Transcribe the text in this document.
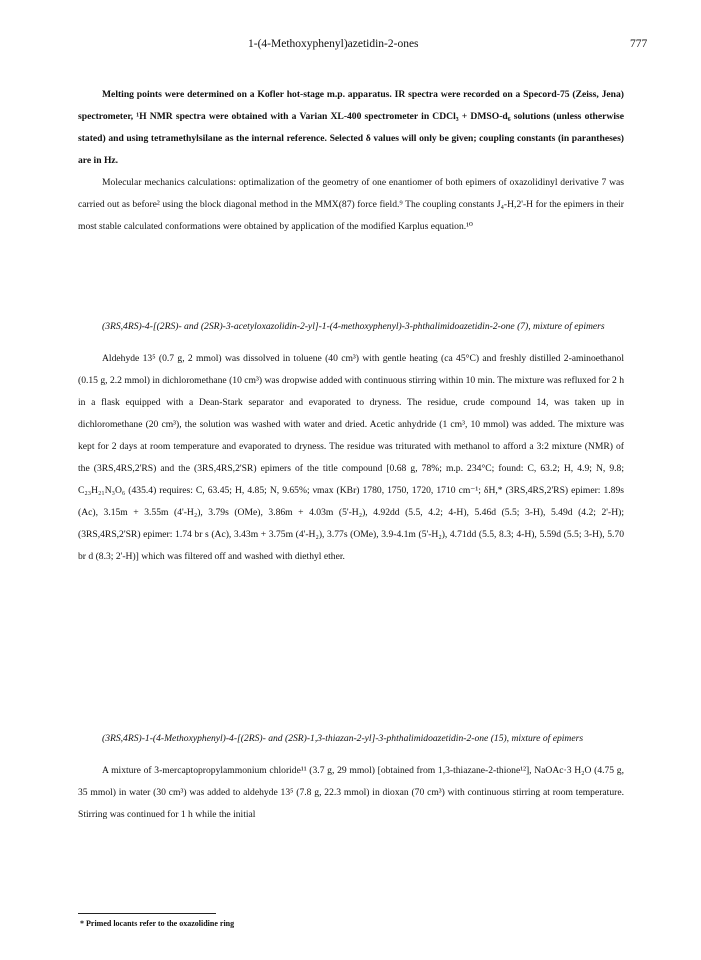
1-(4-Methoxyphenyl)azetidin-2-ones	777

Melting points were determined on a Kofler hot-stage m.p. apparatus. IR spectra were recorded on a Specord-75 (Zeiss, Jena) spectrometer, ¹H NMR spectra were obtained with a Varian XL-400 spectrometer in CDCl₃ + DMSO-d₆ solutions (unless otherwise stated) and using tetramethylsilane as the internal reference. Selected δ values will only be given; coupling constants (in parantheses) are in Hz.

Molecular mechanics calculations: optimalization of the geometry of one enantiomer of both epimers of oxazolidinyl derivative 7 was carried out as before² using the block diagonal method in the MMX(87) force field.⁹ The coupling constants J₄-H,2'-H for the epimers in their most stable calculated conformations were obtained by application of the modified Karplus equation.¹⁰

(3RS,4RS)-4-[(2RS)- and (2SR)-3-acetyloxazolidin-2-yl]-1-(4-methoxyphenyl)-3-phthalimidoazetidin-2-one (7), mixture of epimers

Aldehyde 13⁵ (0.7 g, 2 mmol) was dissolved in toluene (40 cm³) with gentle heating (ca 45°C) and freshly distilled 2-aminoethanol (0.15 g, 2.2 mmol) in dichloromethane (10 cm³) was dropwise added with continuous stirring within 10 min. The mixture was refluxed for 2 h in a flask equipped with a Dean-Stark separator and evaporated to dryness. The residue, crude compound 14, was taken up in dichloromethane (20 cm³), the solution was washed with water and dried. Acetic anhydride (1 cm³, 10 mmol) was added. The mixture was kept for 2 days at room temperature and evaporated to dryness. The residue was triturated with methanol to afford a 3:2 mixture (NMR) of the (3RS,4RS,2'RS) and the (3RS,4RS,2'SR) epimers of the title compound [0.68 g, 78%; m.p. 234°C; found: C, 63.2; H, 4.9; N, 9.8; C₂₃H₂₁N₃O₆ (435.4) requires: C, 63.45; H, 4.85; N, 9.65%; νmax (KBr) 1780, 1750, 1720, 1710 cm⁻¹; δH,* (3RS,4RS,2'RS) epimer: 1.89s (Ac), 3.15m + 3.55m (4'-H₂), 3.79s (OMe), 3.86m + 4.03m (5'-H₂), 4.92dd (5.5, 4.2; 4-H), 5.46d (5.5; 3-H), 5.49d (4.2; 2'-H); (3RS,4RS,2'SR) epimer: 1.74 br s (Ac), 3.43m + 3.75m (4'-H₂), 3.77s (OMe), 3.9-4.1m (5'-H₂), 4.71dd (5.5, 8.3; 4-H), 5.59d (5.5; 3-H), 5.70 br d (8.3; 2'-H)] which was filtered off and washed with diethyl ether.

(3RS,4RS)-1-(4-Methoxyphenyl)-4-[(2RS)- and (2SR)-1,3-thiazan-2-yl]-3-phthalimidoazetidin-2-one (15), mixture of epimers

A mixture of 3-mercaptopropylammonium chloride¹¹ (3.7 g, 29 mmol) [obtained from 1,3-thiazane-2-thione¹²], NaOAc·3 H₂O (4.75 g, 35 mmol) in water (30 cm³) was added to aldehyde 13⁵ (7.8 g, 22.3 mmol) in dioxan (70 cm³) with continuous stirring at room temperature. Stirring was continued for 1 h while the initial

* Primed locants refer to the oxazolidine ring
